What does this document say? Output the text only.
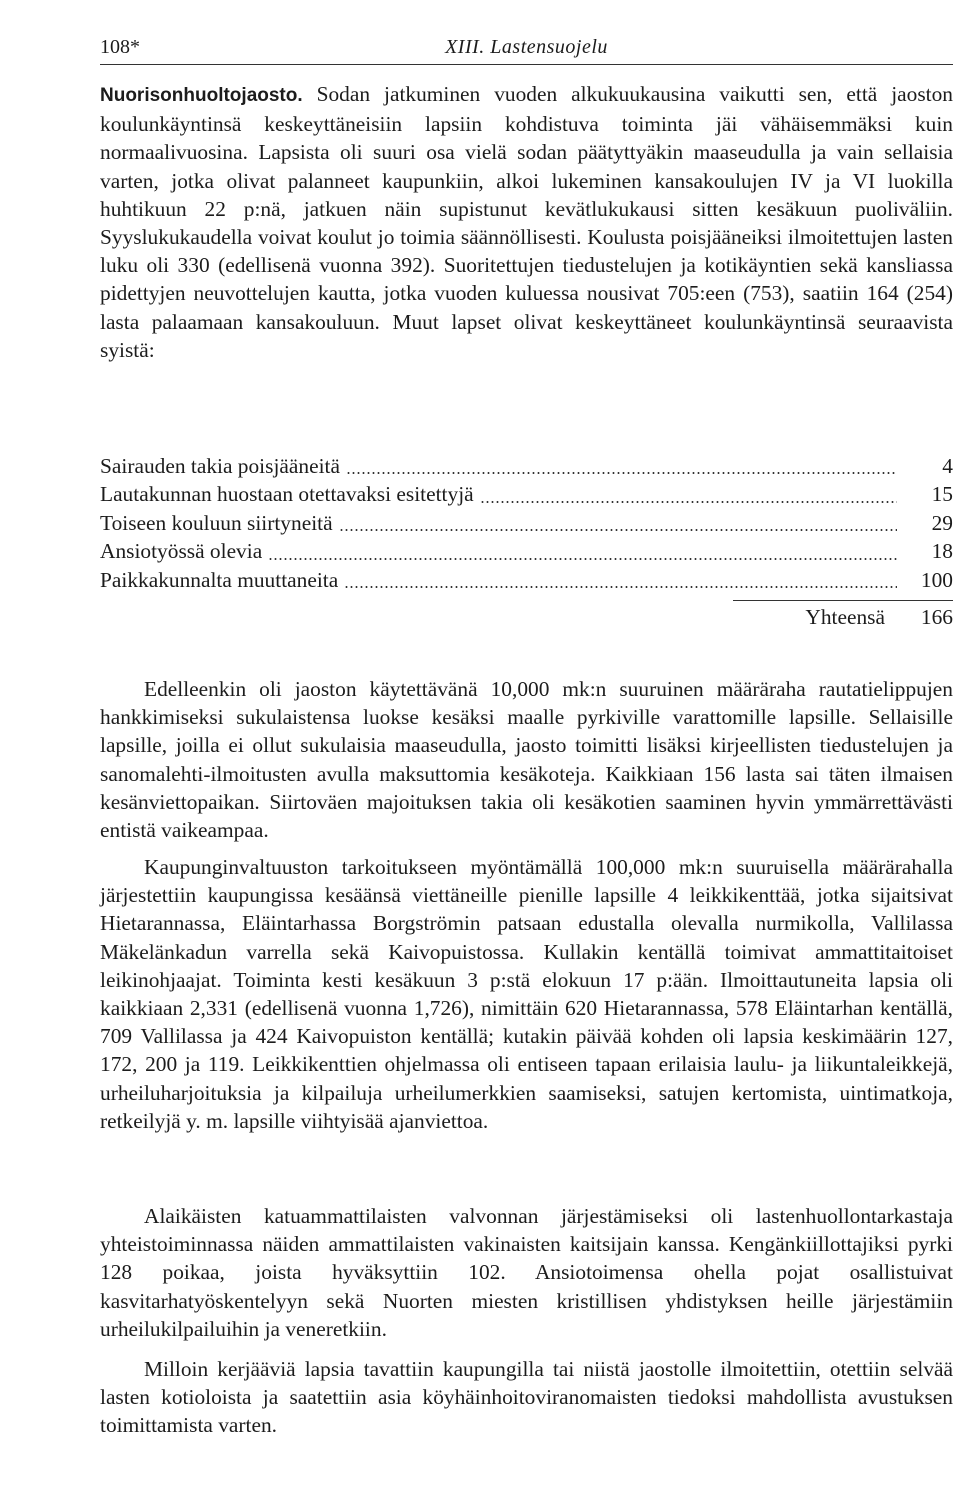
108*	XIII. Lastensuojelu

Nuorisonhuoltojaosto. Sodan jatkuminen vuoden alkukuukausina vaikutti sen, että jaoston koulunkäyntinsä keskeyttäneisiin lapsiin kohdistuva toiminta jäi vähäisemmäksi kuin normaalivuosina. Lapsista oli suuri osa vielä sodan päätyttyäkin maaseudulla ja vain sellaisia varten, jotka olivat palanneet kaupunkiin, alkoi lukeminen kansakoulujen IV ja VI luokilla huhtikuun 22 p:nä, jatkuen näin supistunut kevätlukukausi sitten kesäkuun puoliväliin. Syyslukukaudella voivat koulut jo toimia säännöllisesti. Koulusta poisjääneiksi ilmoitettujen lasten luku oli 330 (edellisenä vuonna 392). Suoritettujen tiedustelujen ja kotikäyntien sekä kansliassa pidettyjen neuvottelujen kautta, jotka vuoden kuluessa nousivat 705:een (753), saatiin 164 (254) lasta palaamaan kansakouluun. Muut lapset olivat keskeyttäneet koulunkäyntinsä seuraavista syistä:

Sairauden takia poisjääneitä	4
Lautakunnan huostaan otettavaksi esitettyjä	15
Toiseen kouluun siirtyneitä	29
Ansiotyössä olevia	18
Paikkakunnalta muuttaneita	100
Yhteensä	166

Edelleenkin oli jaoston käytettävänä 10,000 mk:n suuruinen määräraha rautatielippujen hankkimiseksi sukulaistensa luokse kesäksi maalle pyrkiville varattomille lapsille. Sellaisille lapsille, joilla ei ollut sukulaisia maaseudulla, jaosto toimitti lisäksi kirjeellisten tiedustelujen ja sanomalehti-ilmoitusten avulla maksuttomia kesäkoteja. Kaikkiaan 156 lasta sai täten ilmaisen kesänviettopaikan. Siirtoväen majoituksen takia oli kesäkotien saaminen hyvin ymmärrettävästi entistä vaikeampaa.

Kaupunginvaltuuston tarkoitukseen myöntämällä 100,000 mk:n suuruisella määrärahalla järjestettiin kaupungissa kesäänsä viettäneille pienille lapsille 4 leikkikenttää, jotka sijaitsivat Hietarannassa, Eläintarhassa Borgströmin patsaan edustalla olevalla nurmikolla, Vallilassa Mäkelänkadun varrella sekä Kaivopuistossa. Kullakin kentällä toimivat ammattitaitoiset leikinohjaajat. Toiminta kesti kesäkuun 3 p:stä elokuun 17 p:ään. Ilmoittautuneita lapsia oli kaikkiaan 2,331 (edellisenä vuonna 1,726), nimittäin 620 Hietarannassa, 578 Eläintarhan kentällä, 709 Vallilassa ja 424 Kaivopuiston kentällä; kutakin päivää kohden oli lapsia keskimäärin 127, 172, 200 ja 119. Leikkikenttien ohjelmassa oli entiseen tapaan erilaisia laulu- ja liikuntaleikkejä, urheiluharjoituksia ja kilpailuja urheilumerkkien saamiseksi, satujen kertomista, uintimatkoja, retkeilyjä y. m. lapsille viihtyisää ajanviettoa.

Alaikäisten katuammattilaisten valvonnan järjestämiseksi oli lastenhuollontarkastaja yhteistoiminnassa näiden ammattilaisten vakinaisten kaitsijain kanssa. Kengänkiillottajiksi pyrki 128 poikaa, joista hyväksyttiin 102. Ansiotoimensa ohella pojat osallistuivat kasvitarhatyöskentelyyn sekä Nuorten miesten kristillisen yhdistyksen heille järjestämiin urheilukilpailuihin ja veneretkiin.

Milloin kerjääviä lapsia tavattiin kaupungilla tai niistä jaostolle ilmoitettiin, otettiin selvää lasten kotioloista ja saatettiin asia köyhäinhoitoviranomaisten tiedoksi mahdollista avustuksen toimittamista varten.
